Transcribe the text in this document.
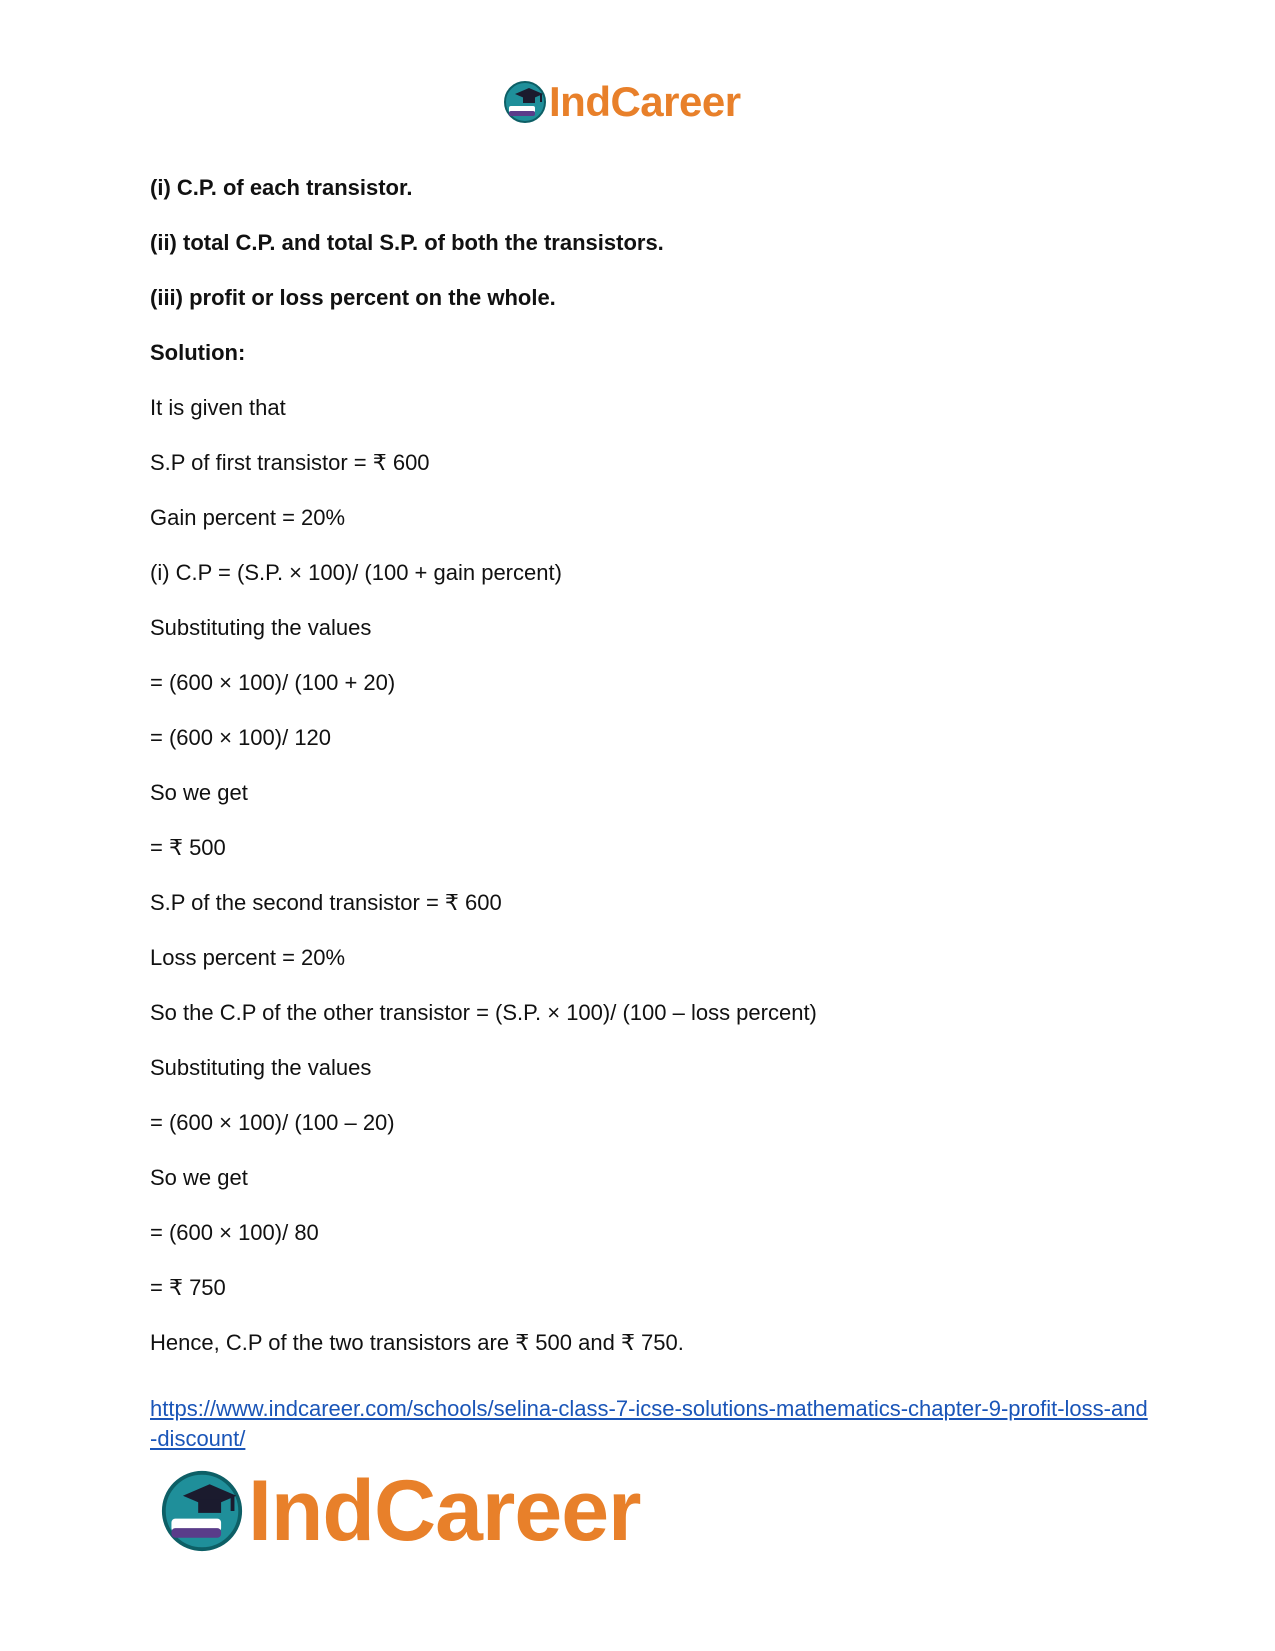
IndCareer
(i) C.P. of each transistor.
(ii) total C.P. and total S.P. of both the transistors.
(iii) profit or loss percent on the whole.
Solution:
It is given that
S.P of first transistor = ₹ 600
Gain percent = 20%
(i) C.P = (S.P. × 100)/ (100 + gain percent)
Substituting the values
= (600 × 100)/ (100 + 20)
= (600 × 100)/ 120
So we get
= ₹ 500
S.P of the second transistor = ₹ 600
Loss percent = 20%
So the C.P of the other transistor = (S.P. × 100)/ (100 – loss percent)
Substituting the values
= (600 × 100)/ (100 – 20)
So we get
= (600 × 100)/ 80
= ₹ 750
Hence, C.P of the two transistors are ₹ 500 and ₹ 750.
https://www.indcareer.com/schools/selina-class-7-icse-solutions-mathematics-chapter-9-profit-loss-and-discount/
IndCareer
